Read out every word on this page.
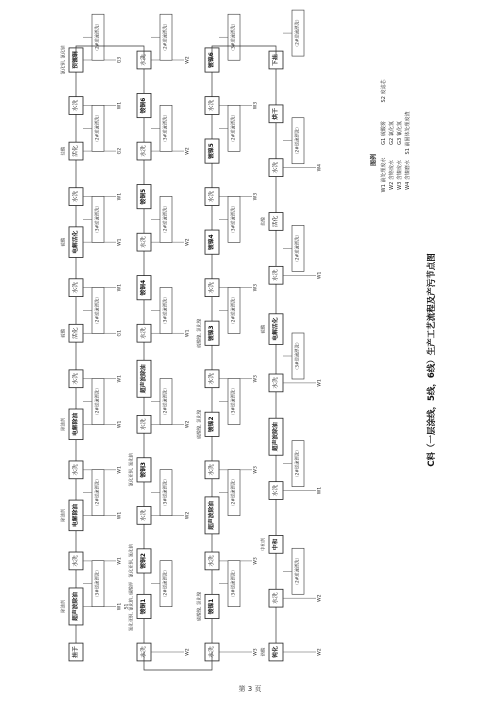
挂于
超声波除油
除油剂	W1 S1
水洗	W1
电解除油
除油剂	W1
水洗	W1
电解除油
除油剂	W1
水洗	W1
活化
硫酸	G1
水洗	W1
电解活化
硫酸	W1
水洗	W1
活化
盐酸	G2
水洗	W1
预镀铜
氰化铜, 氰化钠	G3
（3#逆流漂洗）
（2#逆流漂洗）
（2#逆流漂洗）
（2#逆流漂洗）
（3#逆流漂洗）
（2#逆流漂洗）
（2#逆流漂洗）
水洗	W2
镀铜1
氰化亚铜, 氰化钠, 碳酸钾
镀铜2
氰化亚铜, 氰化钠
水洗	W2
镀铜3
氰化亚铜, 氰化钠
水洗	W2
超声波除油
水洗	W1
镀铜4
水洗	W2
镀铜5
水洗	W2
镀铜6
水洗	W2
（2#逆流漂洗）
（3#逆流漂洗）
（2#逆流漂洗）
（3#逆流漂洗）
（2#逆流漂洗）
（3#逆流漂洗）
（2#逆流漂洗）
水洗	W3
镀镍1
硫酸镍, 氯化镍
水洗	W3
超声波除油
水洗	W3
镀镍2
硫酸镍, 氯化镍
水洗	W3
镀镍3
硫酸镍, 氯化镍
水洗	W3
镀镍4
水洗	W3
镀镍5
水洗	W3
镀镍6
（3#逆流漂洗）
（2#逆流漂洗）
（3#逆流漂洗）
（2#逆流漂洗）
（3#逆流漂洗）
（2#逆流漂洗）
（3#逆流漂洗）
钝化
铬酸	W2
水洗	W2
中和
中和剂
水洗	W1
超声波除油
水洗	W1
电解活化
硫酸
水洗	W1
活化
盐酸
水洗	W4
烘干
下挂
（2#逆流漂洗）
（2#逆流漂洗）
（3#逆流漂洗）
（2#逆流漂洗）
（2#逆流漂洗）
（2#逆流漂洗）
C料（一层涂线，5线，6线）生产工艺流程及产污节点图
图例 W1 前处理废水 W2 含铬废水 W3 含镍废水 W4 含镍磨水
G1 硫酸雾 G2 氯化氢 G3 氰化氢 S1 前固体处理废渣
S2 废滤芯
第 3 页
